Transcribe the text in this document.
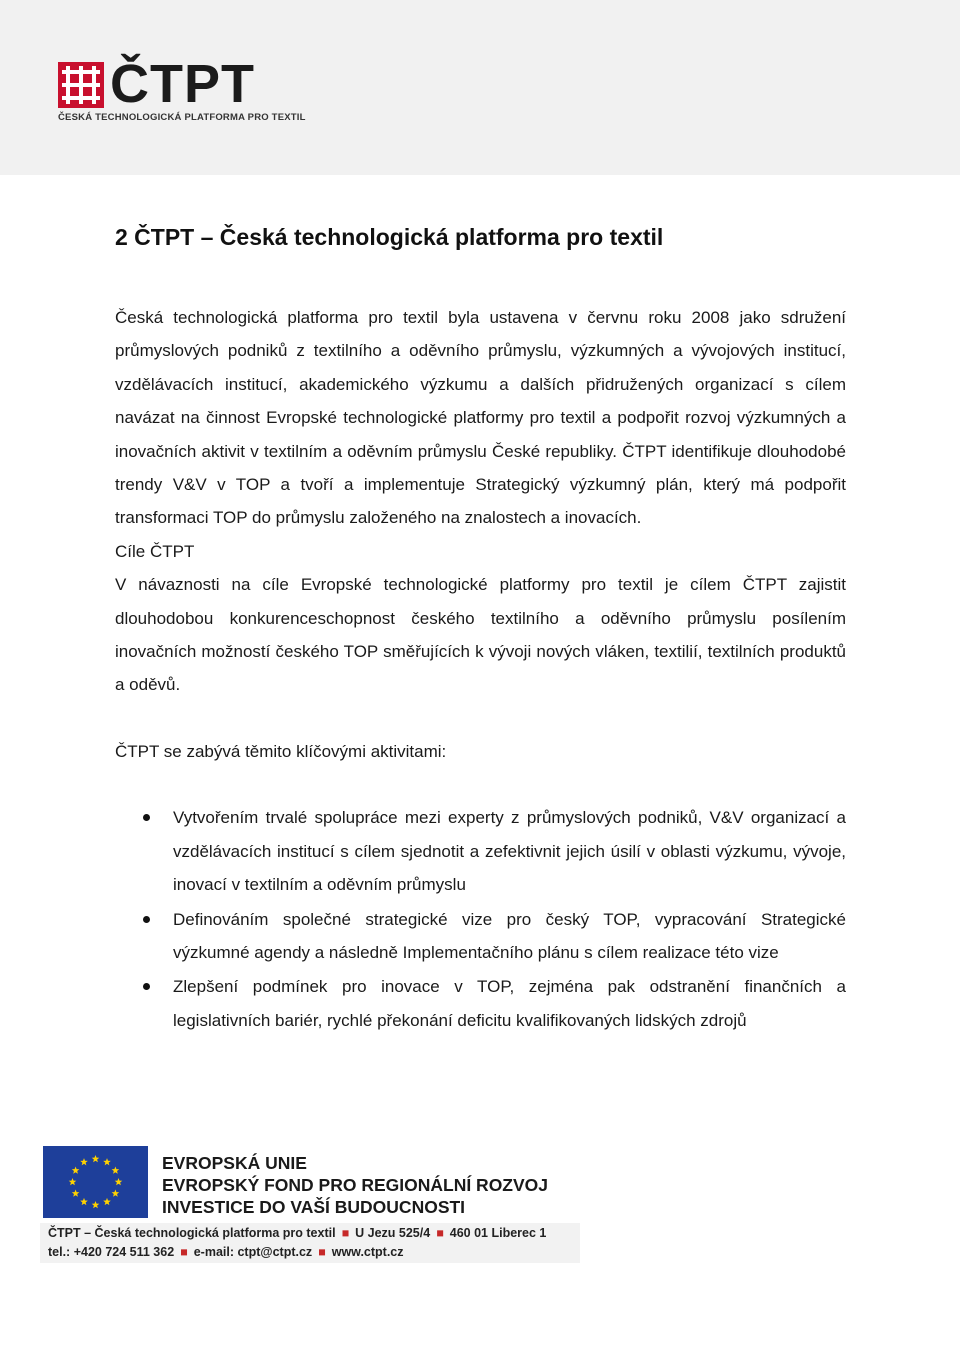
ČTPT
ČESKÁ TECHNOLOGICKÁ PLATFORMA PRO TEXTIL
2 ČTPT – Česká technologická platforma pro textil

Česká technologická platforma pro textil byla ustavena v červnu roku 2008 jako sdružení průmyslových podniků z textilního a oděvního průmyslu, výzkumných a vývojových institucí, vzdělávacích institucí, akademického výzkumu a dalších přidružených organizací s cílem navázat na činnost Evropské technologické platformy pro textil a podpořit rozvoj výzkumných a inovačních aktivit v textilním a oděvním průmyslu České republiky. ČTPT identifikuje dlouhodobé trendy V&V v TOP a tvoří a implementuje Strategický výzkumný plán, který má podpořit transformaci TOP do průmyslu založeného na znalostech a inovacích.

Cíle ČTPT

V návaznosti na cíle Evropské technologické platformy pro textil je cílem ČTPT zajistit dlouhodobou konkurenceschopnost českého textilního a oděvního průmyslu posílením inovačních možností českého TOP směřujících k vývoji nových vláken, textilií, textilních produktů a oděvů.

ČTPT se zabývá těmito klíčovými aktivitami:

Vytvořením trvalé spolupráce mezi experty z průmyslových podniků, V&V organizací a vzdělávacích institucí s cílem sjednotit a zefektivnit jejich úsilí v oblasti výzkumu, vývoje, inovací v textilním a oděvním průmyslu
Definováním společné strategické vize pro český TOP, vypracování Strategické výzkumné agendy a následně Implementačního plánu s cílem realizace této vize
Zlepšení podmínek pro inovace v TOP, zejména pak odstranění finančních a legislativních bariér, rychlé překonání deficitu kvalifikovaných lidských zdrojů
EVROPSKÁ UNIE
EVROPSKÝ FOND PRO REGIONÁLNÍ ROZVOJ
INVESTICE DO VAŠÍ BUDOUCNOSTI
ČTPT – Česká technologická platforma pro textil ■ U Jezu 525/4 ■ 460 01 Liberec 1
tel.: +420 724 511 362 ■ e-mail: ctpt@ctpt.cz ■ www.ctpt.cz
